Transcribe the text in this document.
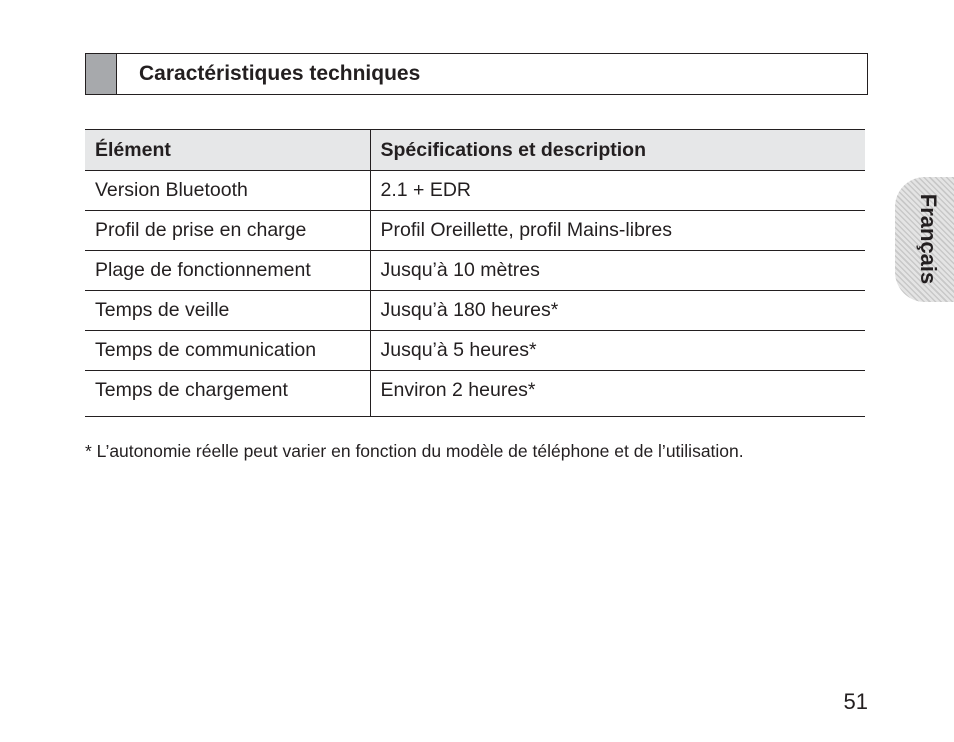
Caractéristiques techniques
Élément	Spécifications et description
Version Bluetooth	2.1 + EDR
Profil de prise en charge	Profil Oreillette, profil Mains-libres
Plage de fonctionnement	Jusqu’à 10 mètres
Temps de veille	Jusqu’à 180 heures*
Temps de communication	Jusqu’à 5 heures*
Temps de chargement	Environ 2 heures*
* L’autonomie réelle peut varier en fonction du modèle de téléphone et de l’utilisation.
Français
51
